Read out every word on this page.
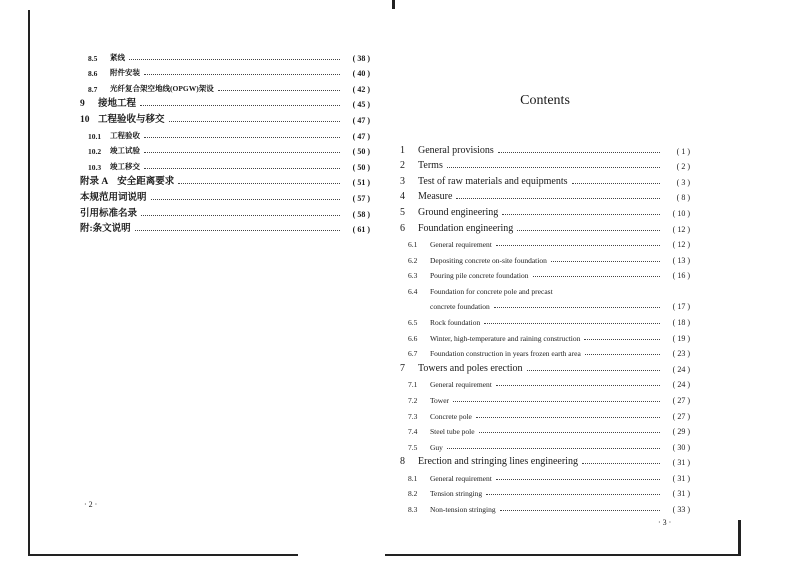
8.5	紧线	( 38 )
8.6	附件安装	( 40 )
8.7	光纤复合架空地线(OPGW)架设	( 42 )
9	接地工程	( 45 )
10 工程验收与移交	( 47 )
10.1	工程验收	( 47 )
10.2	竣工试验	( 50 )
10.3	竣工移交	( 50 )
附录 A　安全距离要求	( 51 )
本规范用词说明	( 57 )
引用标准名录	( 58 )
附:条文说明	( 61 )
Contents
1	General provisions	( 1 )
2	Terms	( 2 )
3	Test of raw materials and equipments	( 3 )
4	Measure	( 8 )
5	Ground engineering	( 10 )
6	Foundation engineering	( 12 )
6.1	General requirement	( 12 )
6.2	Depositing concrete on-site foundation	( 13 )
6.3	Pouring pile concrete foundation	( 16 )
6.4	Foundation for concrete pole and precast
concrete foundation	( 17 )
6.5	Rock foundation	( 18 )
6.6	Winter, high-temperature and raining construction	( 19 )
6.7	Foundation construction in years frozen earth area	( 23 )
7	Towers and poles erection	( 24 )
7.1	General requirement	( 24 )
7.2	Tower	( 27 )
7.3	Concrete pole	( 27 )
7.4	Steel tube pole	( 29 )
7.5	Guy	( 30 )
8	Erection and stringing lines engineering	( 31 )
8.1	General requirement	( 31 )
8.2	Tension stringing	( 31 )
8.3	Non-tension stringing	( 33 )
· 2 ·
· 3 ·
